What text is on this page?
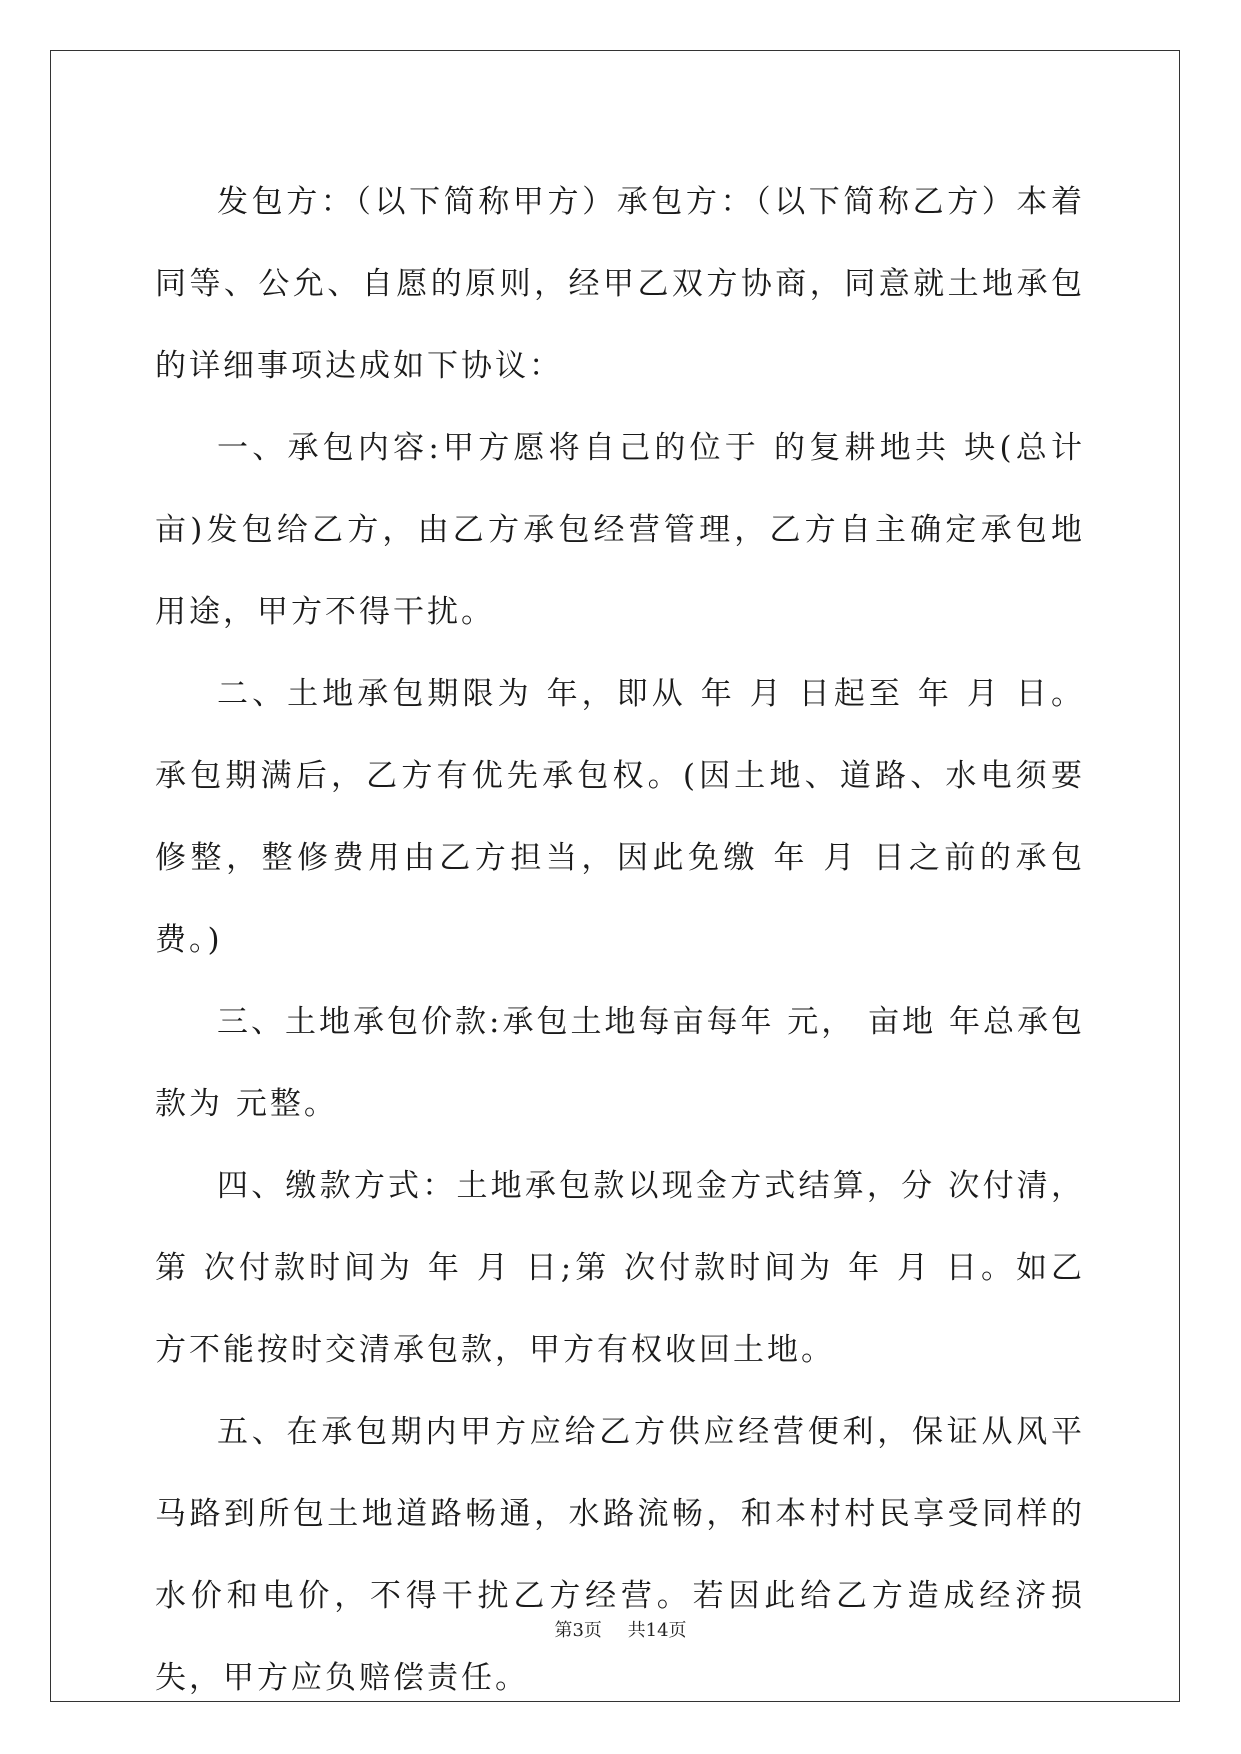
发包方：（以下简称甲方）承包方：（以下简称乙方）本着同等、公允、自愿的原则，经甲乙双方协商，同意就土地承包的详细事项达成如下协议：

一、承包内容:甲方愿将自己的位于 的复耕地共 块(总计 亩)发包给乙方，由乙方承包经营管理，乙方自主确定承包地用途，甲方不得干扰。

二、土地承包期限为 年，即从 年 月 日起至 年 月 日。承包期满后，乙方有优先承包权。(因土地、道路、水电须要修整，整修费用由乙方担当，因此免缴 年 月 日之前的承包费。)

三、土地承包价款:承包土地每亩每年 元， 亩地 年总承包款为 元整。

四、缴款方式：土地承包款以现金方式结算，分 次付清，第 次付款时间为 年 月 日;第 次付款时间为 年 月 日。如乙方不能按时交清承包款，甲方有权收回土地。

五、在承包期内甲方应给乙方供应经营便利，保证从风平马路到所包土地道路畅通，水路流畅，和本村村民享受同样的水价和电价，不得干扰乙方经营。若因此给乙方造成经济损失，甲方应负赔偿责任。

第3页 共14页
